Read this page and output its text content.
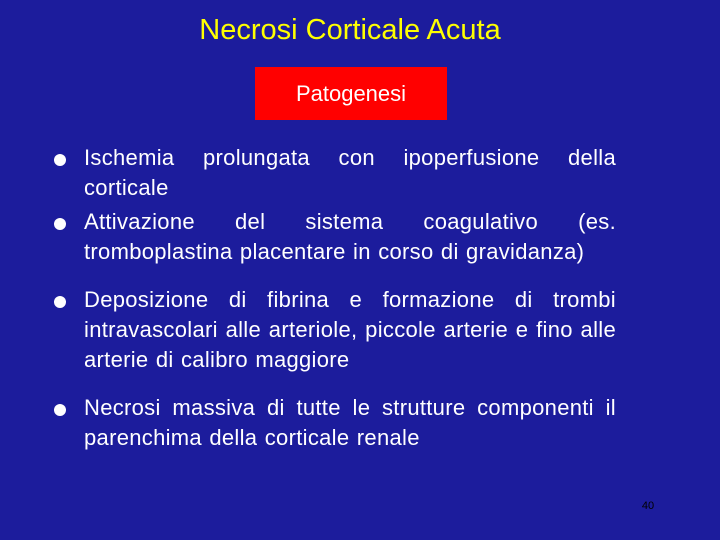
Necrosi Corticale Acuta
Patogenesi
Ischemia prolungata con ipoperfusione della corticale
Attivazione del sistema coagulativo (es. tromboplastina placentare in corso di gravidanza)
Deposizione di fibrina e formazione di trombi intravascolari alle arteriole, piccole arterie e fino alle arterie di calibro maggiore
Necrosi massiva di tutte le strutture componenti il parenchima della corticale renale
40
